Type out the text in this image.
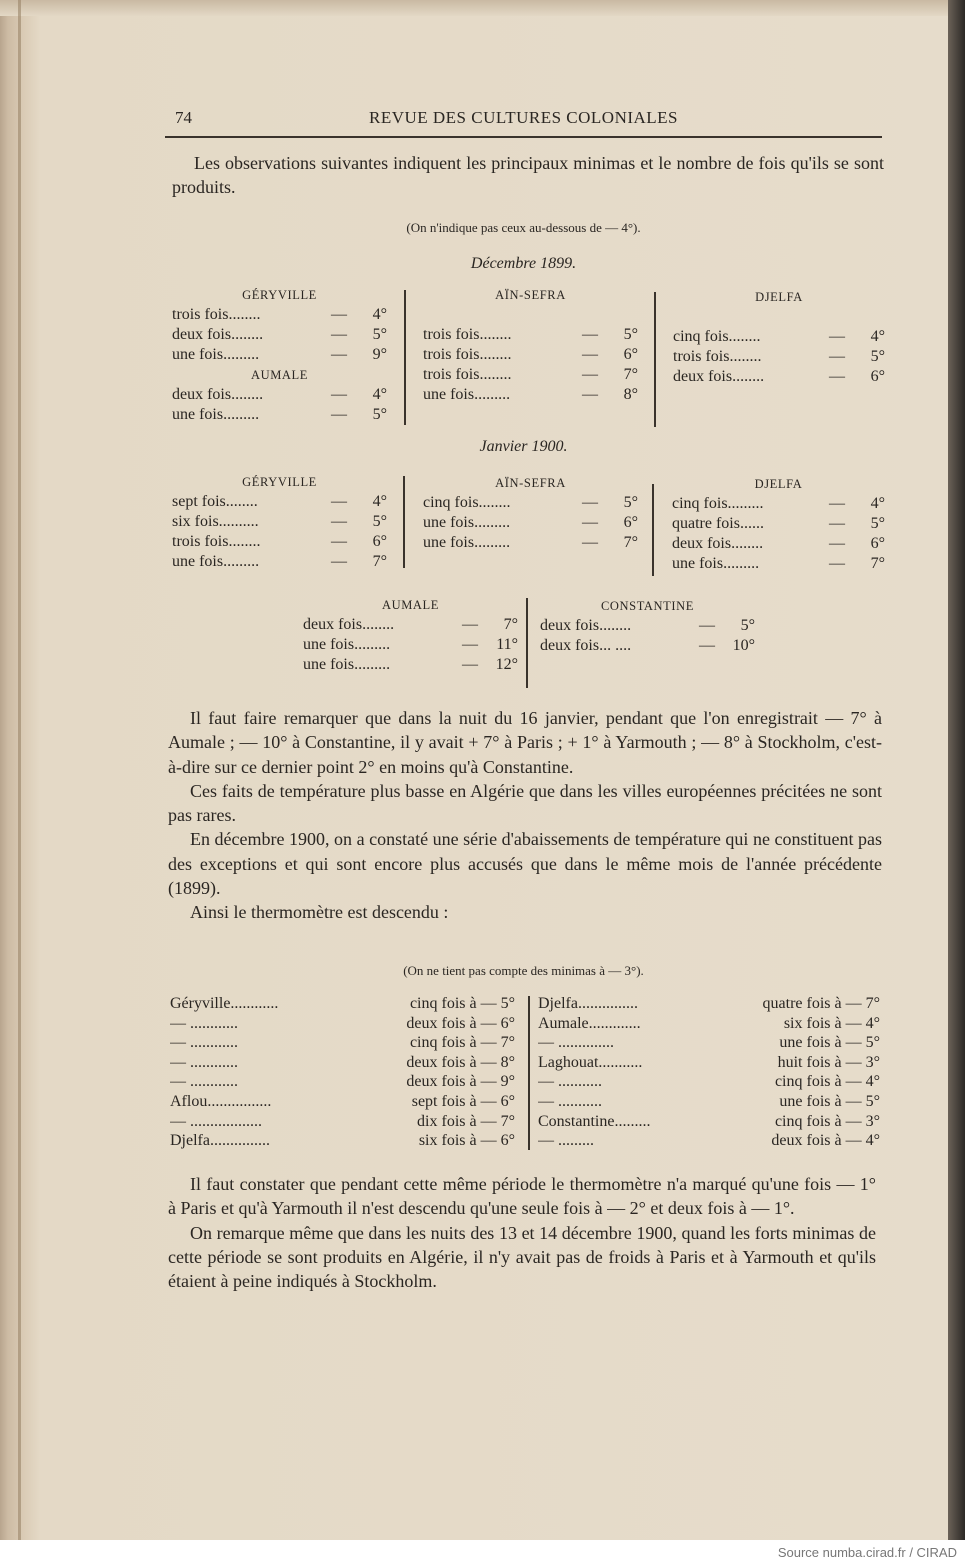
74	REVUE DES CULTURES COLONIALES

Les observations suivantes indiquent les principaux minimas et le nombre de fois qu'ils se sont produits.

(On n'indique pas ceux au-dessous de — 4°).

Décembre 1899.

GÉRYVILLE
trois fois........	—	4°
deux fois........	—	5°
une fois.........	—	9°
AUMALE
deux fois........	—	4°
une fois.........	—	5°
AÏN-SEFRA
trois fois........	—	5°
trois fois........	—	6°
trois fois........	—	7°
une fois.........	—	8°
DJELFA
cinq fois........	—	4°
trois fois........	—	5°
deux fois........	—	6°

Janvier 1900.

GÉRYVILLE
sept fois........	—	4°
six fois..........	—	5°
trois fois........	—	6°
une fois.........	—	7°
AÏN-SEFRA
cinq fois........	—	5°
une fois.........	—	6°
une fois.........	—	7°
DJELFA
cinq fois.........	—	4°
quatre fois......	—	5°
deux fois........	—	6°
une fois.........	—	7°
AUMALE
deux fois........	—	7°
une fois.........	—	11°
une fois.........	—	12°
CONSTANTINE
deux fois........	—	5°
deux fois... ....	—	10°

Il faut faire remarquer que dans la nuit du 16 janvier, pendant que l'on enregistrait — 7° à Aumale ; — 10° à Constantine, il y avait + 7° à Paris ; + 1° à Yarmouth ; — 8° à Stockholm, c'est-à-dire sur ce dernier point 2° en moins qu'à Constantine.

Ces faits de température plus basse en Algérie que dans les villes européennes précitées ne sont pas rares.

En décembre 1900, on a constaté une série d'abaissements de température qui ne constituent pas des exceptions et qui sont encore plus accusés que dans le même mois de l'année précédente (1899).

Ainsi le thermomètre est descendu :

(On ne tient pas compte des minimas à — 3°).

Géryville............	cinq fois à — 5°
— ............	deux fois à — 6°
— ............	cinq fois à — 7°
— ............	deux fois à — 8°
— ............	deux fois à — 9°
Aflou................	sept fois à — 6°
— ..................	dix fois à — 7°
Djelfa...............	six fois à — 6°
Djelfa...............	quatre fois à — 7°
Aumale.............	six fois à — 4°
— ..............	une fois à — 5°
Laghouat...........	huit fois à — 3°
— ...........	cinq fois à — 4°
— ...........	une fois à — 5°
Constantine.........	cinq fois à — 3°
— .........	deux fois à — 4°

Il faut constater que pendant cette même période le thermomètre n'a marqué qu'une fois — 1° à Paris et qu'à Yarmouth il n'est descendu qu'une seule fois à — 2° et deux fois à — 1°.

On remarque même que dans les nuits des 13 et 14 décembre 1900, quand les forts minimas de cette période se sont produits en Algérie, il n'y avait pas de froids à Paris et à Yarmouth et qu'ils étaient à peine indiqués à Stockholm.

Source numba.cirad.fr / CIRAD
